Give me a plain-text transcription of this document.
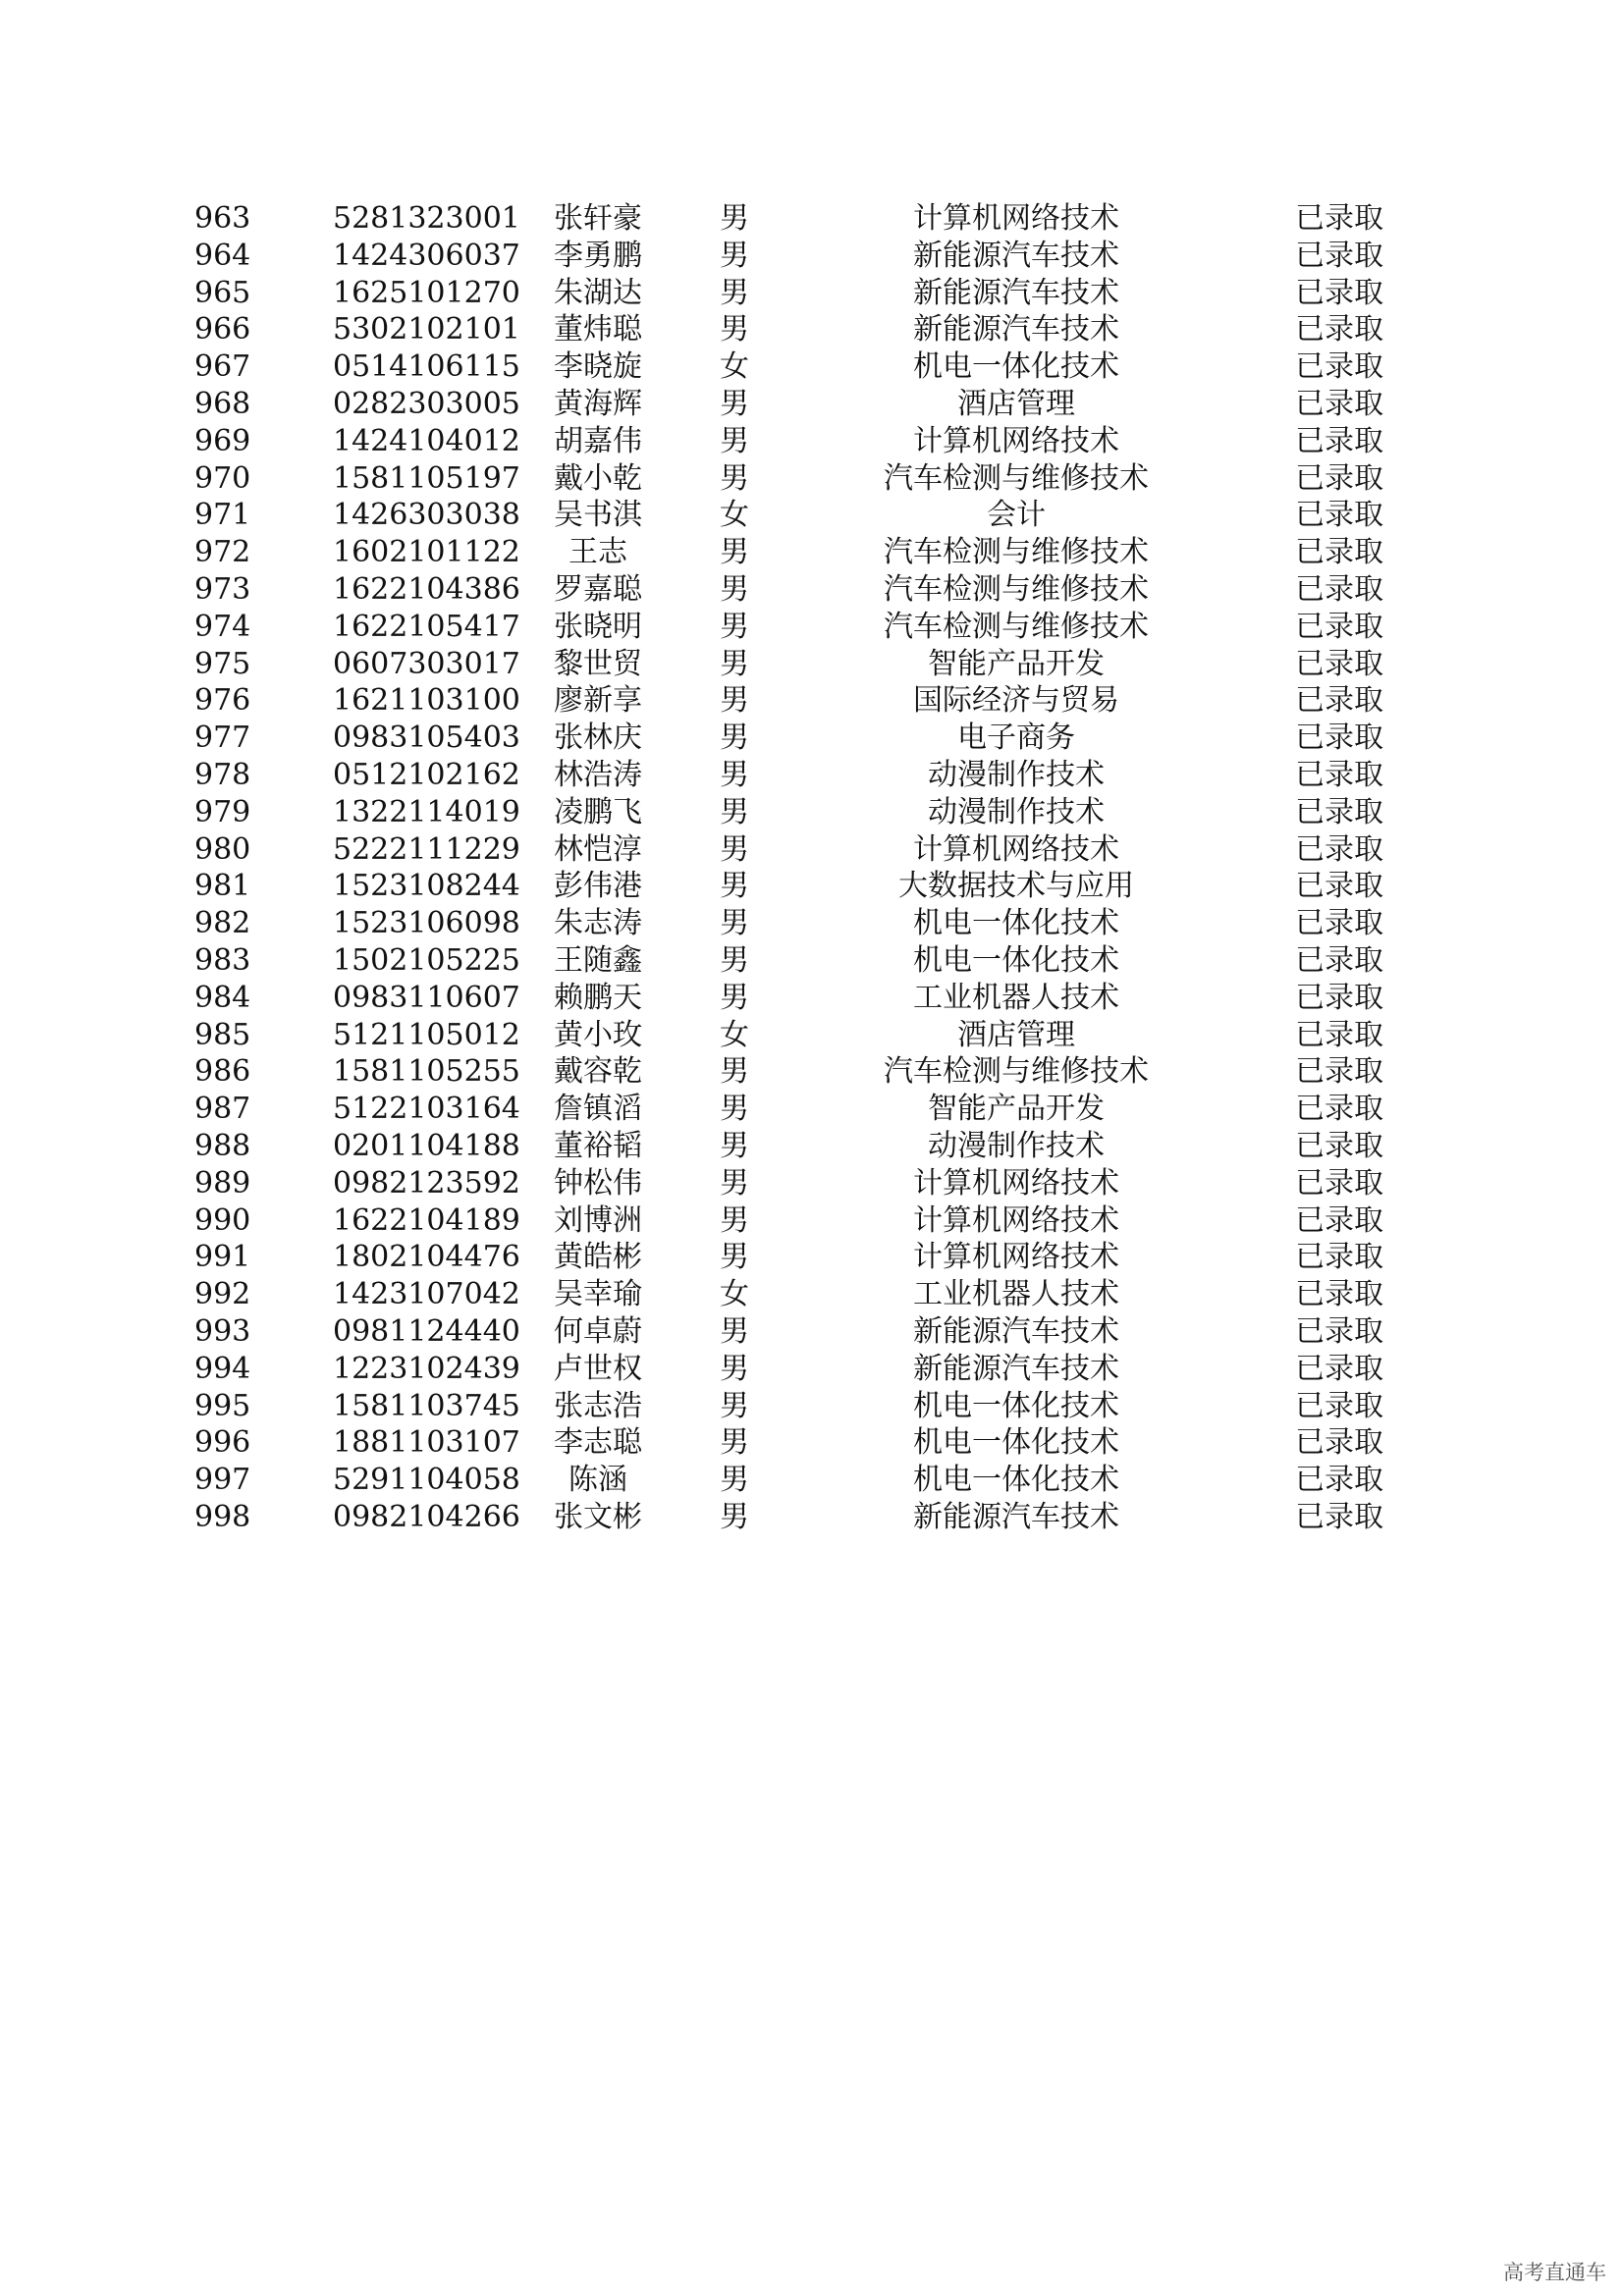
963	5281323001 张轩豪	男	计算机网络技术	已录取
964	1424306037 李勇鹏	男	新能源汽车技术	已录取
965	1625101270 朱湖达	男	新能源汽车技术	已录取
966	5302102101 董炜聪	男	新能源汽车技术	已录取
967	0514106115 李晓旋	女	机电一体化技术	已录取
968	0282303005 黄海辉	男	酒店管理	已录取
969	1424104012 胡嘉伟	男	计算机网络技术	已录取
970	1581105197 戴小乾	男	汽车检测与维修技术	已录取
971	1426303038 吴书淇	女	会计	已录取
972	1602101122 王志	男	汽车检测与维修技术	已录取
973	1622104386 罗嘉聪	男	汽车检测与维修技术	已录取
974	1622105417 张晓明	男	汽车检测与维修技术	已录取
975	0607303017 黎世贸	男	智能产品开发	已录取
976	1621103100 廖新享	男	国际经济与贸易	已录取
977	0983105403 张林庆	男	电子商务	已录取
978	0512102162 林浩涛	男	动漫制作技术	已录取
979	1322114019 凌鹏飞	男	动漫制作技术	已录取
980	5222111229 林恺淳	男	计算机网络技术	已录取
981	1523108244 彭伟港	男	大数据技术与应用	已录取
982	1523106098 朱志涛	男	机电一体化技术	已录取
983	1502105225 王随鑫	男	机电一体化技术	已录取
984	0983110607 赖鹏天	男	工业机器人技术	已录取
985	5121105012 黄小玫	女	酒店管理	已录取
986	1581105255 戴容乾	男	汽车检测与维修技术	已录取
987	5122103164 詹镇滔	男	智能产品开发	已录取
988	0201104188 董裕韬	男	动漫制作技术	已录取
989	0982123592 钟松伟	男	计算机网络技术	已录取
990	1622104189 刘博洲	男	计算机网络技术	已录取
991	1802104476 黄皓彬	男	计算机网络技术	已录取
992	1423107042 吴幸瑜	女	工业机器人技术	已录取
993	0981124440 何卓蔚	男	新能源汽车技术	已录取
994	1223102439 卢世权	男	新能源汽车技术	已录取
995	1581103745 张志浩	男	机电一体化技术	已录取
996	1881103107 李志聪	男	机电一体化技术	已录取
997	5291104058 陈涵	男	机电一体化技术	已录取
998	0982104266 张文彬	男	新能源汽车技术	已录取
高考直通车
